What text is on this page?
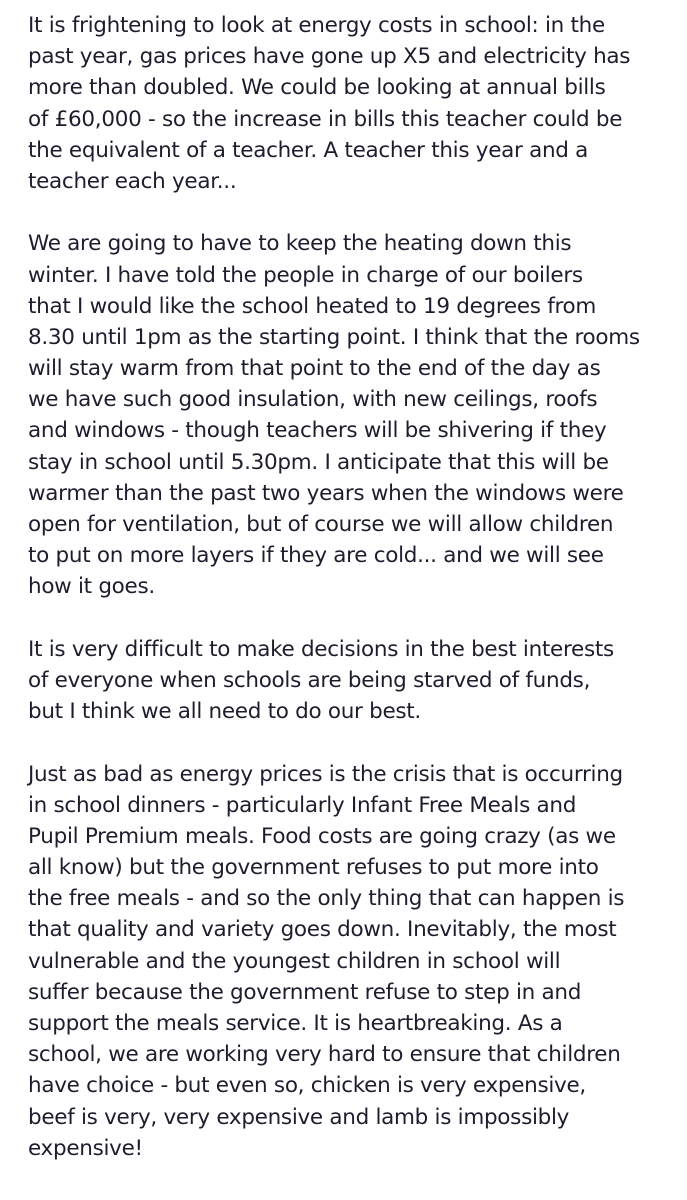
It is frightening to look at energy costs in school: in the
past year, gas prices have gone up X5 and electricity has
more than doubled. We could be looking at annual bills
of £60,000 - so the increase in bills this teacher could be
the equivalent of a teacher. A teacher this year and a
teacher each year...
We are going to have to keep the heating down this
winter. I have told the people in charge of our boilers
that I would like the school heated to 19 degrees from
8.30 until 1pm as the starting point. I think that the rooms
will stay warm from that point to the end of the day as
we have such good insulation, with new ceilings, roofs
and windows - though teachers will be shivering if they
stay in school until 5.30pm. I anticipate that this will be
warmer than the past two years when the windows were
open for ventilation, but of course we will allow children
to put on more layers if they are cold... and we will see
how it goes.
It is very difficult to make decisions in the best interests
of everyone when schools are being starved of funds,
but I think we all need to do our best.
Just as bad as energy prices is the crisis that is occurring
in school dinners - particularly Infant Free Meals and
Pupil Premium meals. Food costs are going crazy (as we
all know) but the government refuses to put more into
the free meals - and so the only thing that can happen is
that quality and variety goes down. Inevitably, the most
vulnerable and the youngest children in school will
suffer because the government refuse to step in and
support the meals service. It is heartbreaking. As a
school, we are working very hard to ensure that children
have choice - but even so, chicken is very expensive,
beef is very, very expensive and lamb is impossibly
expensive!
